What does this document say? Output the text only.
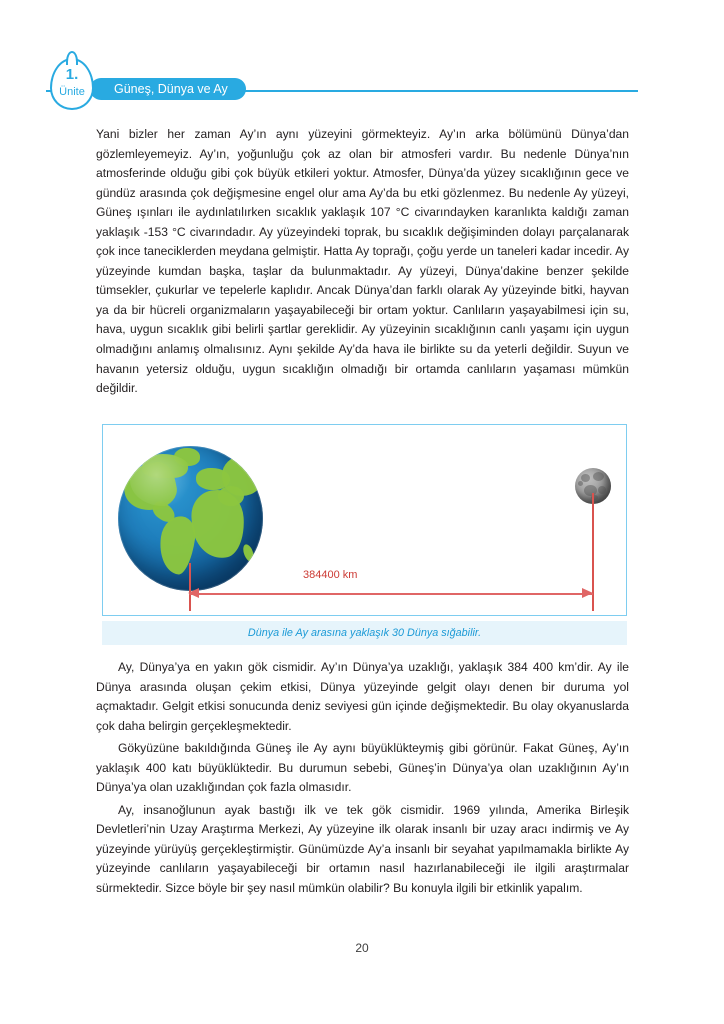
Güneş, Dünya ve Ay
1.
Ünite

Yani bizler her zaman Ay’ın aynı yüzeyini görmekteyiz. Ay’ın arka bölümünü Dünya’dan gözlemleyemeyiz. Ay’ın, yoğunluğu çok az olan bir atmosferi vardır. Bu nedenle Dünya’nın atmosferinde olduğu gibi çok büyük etkileri yoktur. Atmosfer, Dünya’da yüzey sıcaklığının gece ve gündüz arasında çok değişmesine engel olur ama Ay’da bu etki gözlenmez. Bu nedenle Ay yüzeyi, Güneş ışınları ile aydınlatılırken sıcaklık yaklaşık 107 °C civarındayken karanlıkta kaldığı zaman yaklaşık -153 °C civarındadır. Ay yüzeyindeki toprak, bu sıcaklık değişiminden dolayı parçalanarak çok ince taneciklerden meydana gelmiştir. Hatta Ay toprağı, çoğu yerde un taneleri kadar incedir. Ay yüzeyinde kumdan başka, taşlar da bulunmaktadır. Ay yüzeyi, Dünya’dakine benzer şekilde tümsekler, çukurlar ve tepelerle kaplıdır. Ancak Dünya’dan farklı olarak Ay yüzeyinde bitki, hayvan ya da bir hücreli organizmaların yaşayabileceği bir ortam yoktur. Canlıların yaşayabilmesi için su, hava, uygun sıcaklık gibi belirli şartlar gereklidir. Ay yüzeyinin sıcaklığının canlı yaşamı için uygun olmadığını anlamış olmalısınız. Aynı şekilde Ay’da hava ile birlikte su da yeterli değildir. Suyun ve havanın yetersiz olduğu, uygun sıcaklığın olmadığı bir ortamda canlıların yaşaması mümkün değildir.

384400 km
Dünya ile Ay arasına yaklaşık 30 Dünya sığabilir.

Ay, Dünya’ya en yakın gök cismidir. Ay’ın Dünya’ya uzaklığı, yaklaşık 384 400 km’dir. Ay ile Dünya arasında oluşan çekim etkisi, Dünya yüzeyinde gelgit olayı denen bir duruma yol açmaktadır. Gelgit etkisi sonucunda deniz seviyesi gün içinde değişmektedir. Bu olay okyanuslarda çok daha belirgin gerçekleşmektedir.

Gökyüzüne bakıldığında Güneş ile Ay aynı büyüklükteymiş gibi görünür. Fakat Güneş, Ay’ın yaklaşık 400 katı büyüklüktedir. Bu durumun sebebi, Güneş’in Dünya’ya olan uzaklığının Ay’ın Dünya’ya olan uzaklığından çok fazla olmasıdır.

Ay, insanoğlunun ayak bastığı ilk ve tek gök cismidir. 1969 yılında, Amerika Birleşik Devletleri’nin Uzay Araştırma Merkezi, Ay yüzeyine ilk olarak insanlı bir uzay aracı indirmiş ve Ay yüzeyinde yürüyüş gerçekleştirmiştir. Günümüzde Ay’a insanlı bir seyahat yapılmamakla birlikte Ay yüzeyinde canlıların yaşayabileceği bir ortamın nasıl hazırlanabileceği ile ilgili araştırmalar sürmektedir. Sizce böyle bir şey nasıl mümkün olabilir? Bu konuyla ilgili bir etkinlik yapalım.

20
